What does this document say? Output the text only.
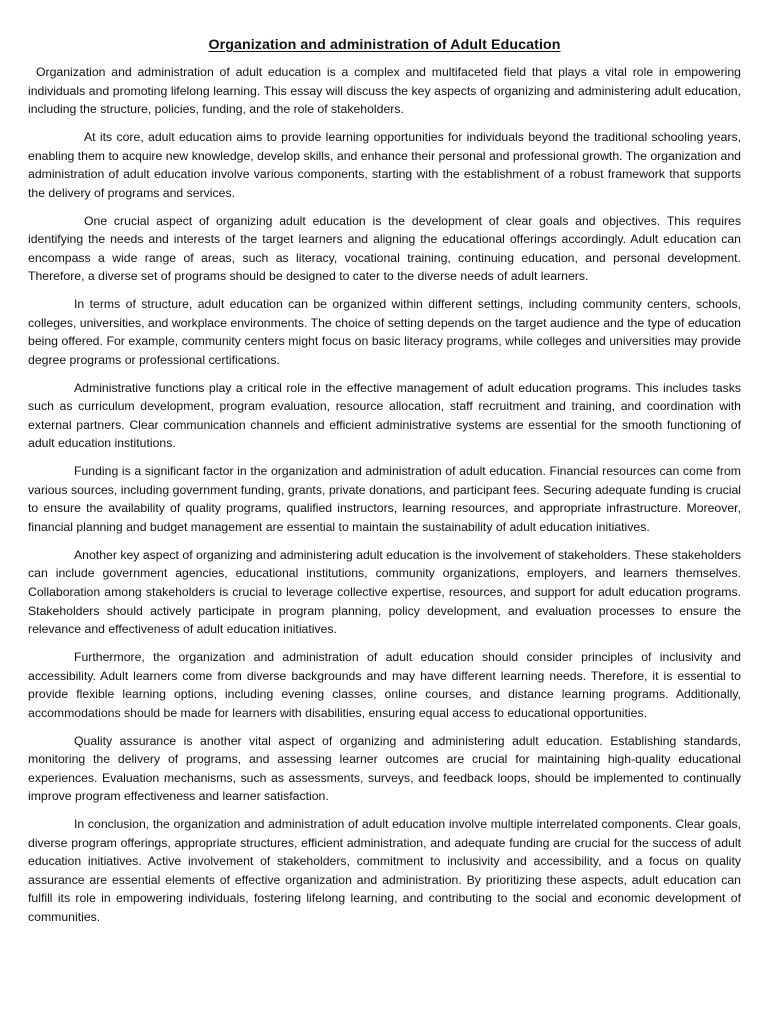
Organization and administration of Adult Education

Organization and administration of adult education is a complex and multifaceted field that plays a vital role in empowering individuals and promoting lifelong learning. This essay will discuss the key aspects of organizing and administering adult education, including the structure, policies, funding, and the role of stakeholders.

At its core, adult education aims to provide learning opportunities for individuals beyond the traditional schooling years, enabling them to acquire new knowledge, develop skills, and enhance their personal and professional growth. The organization and administration of adult education involve various components, starting with the establishment of a robust framework that supports the delivery of programs and services.

One crucial aspect of organizing adult education is the development of clear goals and objectives. This requires identifying the needs and interests of the target learners and aligning the educational offerings accordingly. Adult education can encompass a wide range of areas, such as literacy, vocational training, continuing education, and personal development. Therefore, a diverse set of programs should be designed to cater to the diverse needs of adult learners.

In terms of structure, adult education can be organized within different settings, including community centers, schools, colleges, universities, and workplace environments. The choice of setting depends on the target audience and the type of education being offered. For example, community centers might focus on basic literacy programs, while colleges and universities may provide degree programs or professional certifications.

Administrative functions play a critical role in the effective management of adult education programs. This includes tasks such as curriculum development, program evaluation, resource allocation, staff recruitment and training, and coordination with external partners. Clear communication channels and efficient administrative systems are essential for the smooth functioning of adult education institutions.

Funding is a significant factor in the organization and administration of adult education. Financial resources can come from various sources, including government funding, grants, private donations, and participant fees. Securing adequate funding is crucial to ensure the availability of quality programs, qualified instructors, learning resources, and appropriate infrastructure. Moreover, financial planning and budget management are essential to maintain the sustainability of adult education initiatives.

Another key aspect of organizing and administering adult education is the involvement of stakeholders. These stakeholders can include government agencies, educational institutions, community organizations, employers, and learners themselves. Collaboration among stakeholders is crucial to leverage collective expertise, resources, and support for adult education programs. Stakeholders should actively participate in program planning, policy development, and evaluation processes to ensure the relevance and effectiveness of adult education initiatives.

Furthermore, the organization and administration of adult education should consider principles of inclusivity and accessibility. Adult learners come from diverse backgrounds and may have different learning needs. Therefore, it is essential to provide flexible learning options, including evening classes, online courses, and distance learning programs. Additionally, accommodations should be made for learners with disabilities, ensuring equal access to educational opportunities.

Quality assurance is another vital aspect of organizing and administering adult education. Establishing standards, monitoring the delivery of programs, and assessing learner outcomes are crucial for maintaining high-quality educational experiences. Evaluation mechanisms, such as assessments, surveys, and feedback loops, should be implemented to continually improve program effectiveness and learner satisfaction.

In conclusion, the organization and administration of adult education involve multiple interrelated components. Clear goals, diverse program offerings, appropriate structures, efficient administration, and adequate funding are crucial for the success of adult education initiatives. Active involvement of stakeholders, commitment to inclusivity and accessibility, and a focus on quality assurance are essential elements of effective organization and administration. By prioritizing these aspects, adult education can fulfill its role in empowering individuals, fostering lifelong learning, and contributing to the social and economic development of communities.
